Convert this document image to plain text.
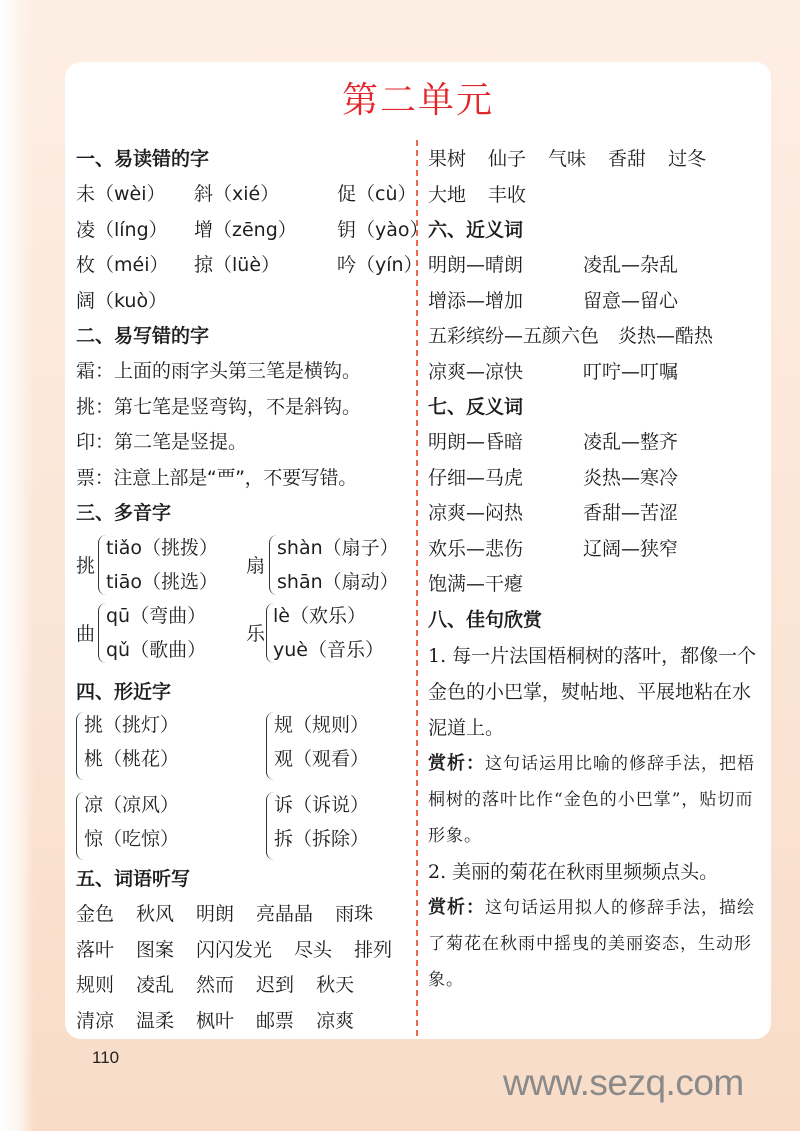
第二单元
一、易读错的字
未（wèi） 斜（xié）	促（cù）
凌（líng） 增（zēng） 钥（yào）
枚（méi） 掠（lüè）	吟（yín）
阔（kuò）
二、易写错的字
霜：上面的雨字头第三笔是横钩。
挑：第七笔是竖弯钩，不是斜钩。
印：第二笔是竖提。
票：注意上部是“覀”，不要写错。
三、多音字
挑
tiǎo（挑拨）
tiāo（挑选）
扇
shàn（扇子）
shān（扇动）
曲
qū（弯曲）
qǔ（歌曲）
乐
lè（欢乐）
yuè（音乐）
四、形近字
挑（挑灯）
桃（桃花）
规（规则）
观（观看）
凉（凉风）
惊（吃惊）
诉（诉说）
拆（拆除）
五、词语听写
金色 秋风 明朗 亮晶晶 雨珠
落叶 图案 闪闪发光 尽头 排列
规则 凌乱 然而 迟到 秋天
清凉 温柔 枫叶 邮票 凉爽
果树 仙子 气味 香甜 过冬
大地 丰收
六、近义词
明朗—晴朗	凌乱—杂乱
增添—增加	留意—留心
五彩缤纷—五颜六色 炎热—酷热
凉爽—凉快	叮咛—叮嘱
七、反义词
明朗—昏暗	凌乱—整齐
仔细—马虎	炎热—寒冷
凉爽—闷热	香甜—苦涩
欢乐—悲伤	辽阔—狭窄
饱满—干瘪
八、佳句欣赏
1. 每一片法国梧桐树的落叶，都像一个金色的小巴掌，熨帖地、平展地粘在水泥道上。
赏析：这句话运用比喻的修辞手法，把梧桐树的落叶比作“金色的小巴掌”，贴切而形象。
2. 美丽的菊花在秋雨里频频点头。
赏析：这句话运用拟人的修辞手法，描绘了菊花在秋雨中摇曳的美丽姿态，生动形象。
110
www.sezq.com
